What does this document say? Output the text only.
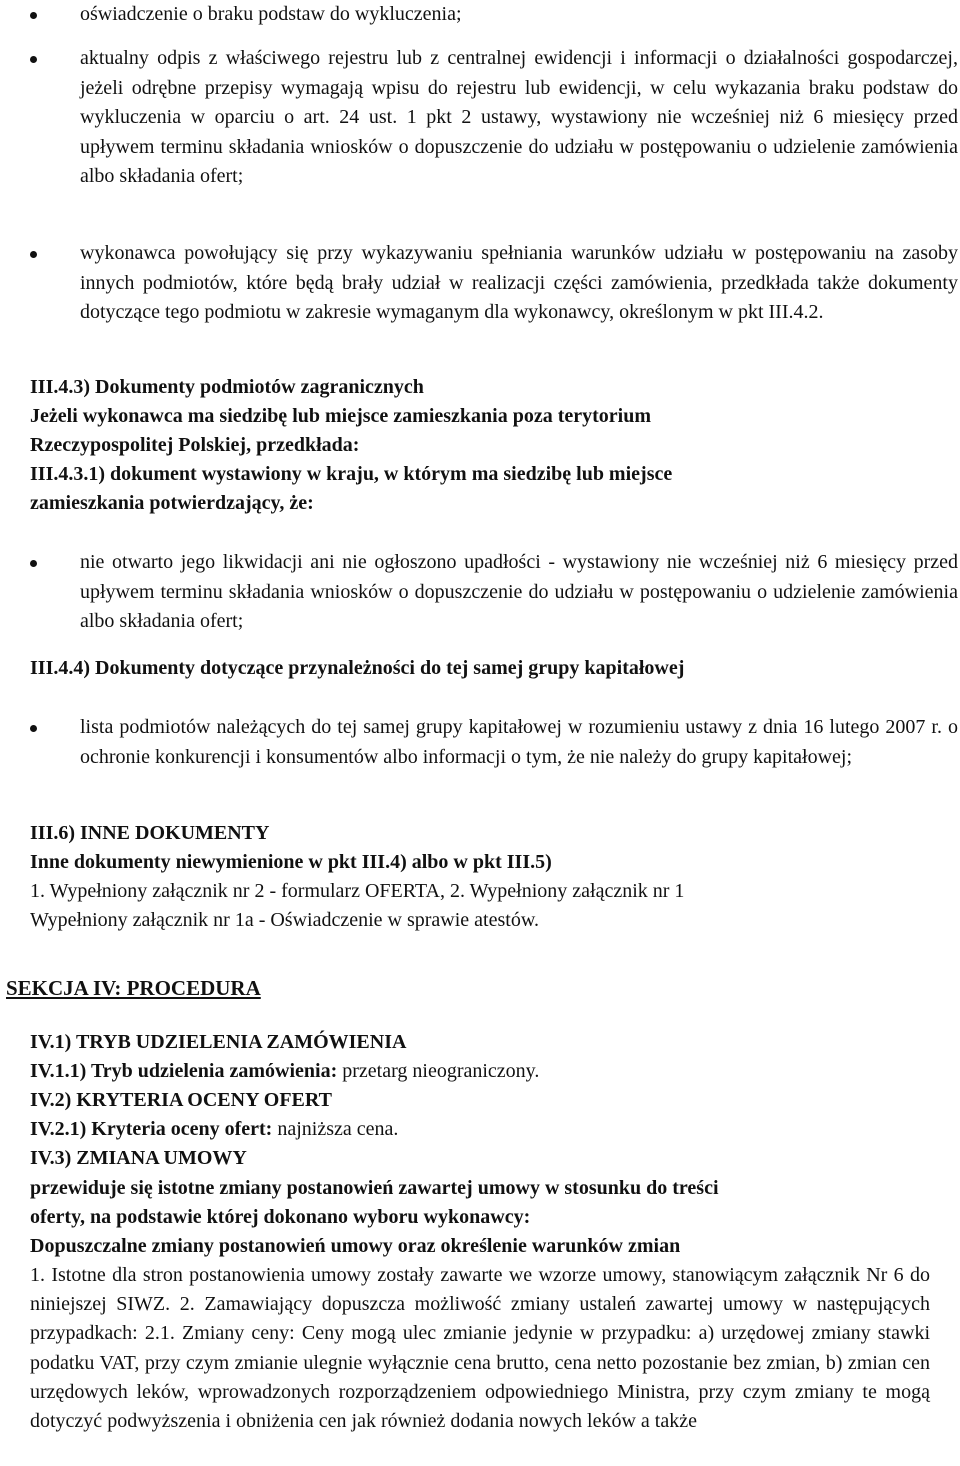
oświadczenie o braku podstaw do wykluczenia;
aktualny odpis z właściwego rejestru lub z centralnej ewidencji i informacji o działalności gospodarczej, jeżeli odrębne przepisy wymagają wpisu do rejestru lub ewidencji, w celu wykazania braku podstaw do wykluczenia w oparciu o art. 24 ust. 1 pkt 2 ustawy, wystawiony nie wcześniej niż 6 miesięcy przed upływem terminu składania wniosków o dopuszczenie do udziału w postępowaniu o udzielenie zamówienia albo składania ofert;
wykonawca powołujący się przy wykazywaniu spełniania warunków udziału w postępowaniu na zasoby innych podmiotów, które będą brały udział w realizacji części zamówienia, przedkłada także dokumenty dotyczące tego podmiotu w zakresie wymaganym dla wykonawcy, określonym w pkt III.4.2.
III.4.3) Dokumenty podmiotów zagranicznych
Jeżeli wykonawca ma siedzibę lub miejsce zamieszkania poza terytorium
Rzeczypospolitej Polskiej, przedkłada:
III.4.3.1) dokument wystawiony w kraju, w którym ma siedzibę lub miejsce
zamieszkania potwierdzający, że:
nie otwarto jego likwidacji ani nie ogłoszono upadłości - wystawiony nie wcześniej niż 6 miesięcy przed upływem terminu składania wniosków o dopuszczenie do udziału w postępowaniu o udzielenie zamówienia albo składania ofert;
III.4.4) Dokumenty dotyczące przynależności do tej samej grupy kapitałowej
lista podmiotów należących do tej samej grupy kapitałowej w rozumieniu ustawy z dnia 16 lutego 2007 r. o ochronie konkurencji i konsumentów albo informacji o tym, że nie należy do grupy kapitałowej;
III.6) INNE DOKUMENTY
Inne dokumenty niewymienione w pkt III.4) albo w pkt III.5)
1. Wypełniony załącznik nr 2 - formularz OFERTA, 2. Wypełniony załącznik nr 1
Wypełniony załącznik nr 1a - Oświadczenie w sprawie atestów.
SEKCJA IV: PROCEDURA
IV.1) TRYB UDZIELENIA ZAMÓWIENIA
IV.1.1) Tryb udzielenia zamówienia: przetarg nieograniczony.
IV.2) KRYTERIA OCENY OFERT
IV.2.1) Kryteria oceny ofert: najniższa cena.
IV.3) ZMIANA UMOWY
przewiduje się istotne zmiany postanowień zawartej umowy w stosunku do treści
oferty, na podstawie której dokonano wyboru wykonawcy:
Dopuszczalne zmiany postanowień umowy oraz określenie warunków zmian
1. Istotne dla stron postanowienia umowy zostały zawarte we wzorze umowy, stanowiącym załącznik Nr 6 do niniejszej SIWZ. 2. Zamawiający dopuszcza możliwość zmiany ustaleń zawartej umowy w następujących przypadkach: 2.1. Zmiany ceny: Ceny mogą ulec zmianie jedynie w przypadku: a) urzędowej zmiany stawki podatku VAT, przy czym zmianie ulegnie wyłącznie cena brutto, cena netto pozostanie bez zmian, b) zmian cen urzędowych leków, wprowadzonych rozporządzeniem odpowiedniego Ministra, przy czym zmiany te mogą dotyczyć podwyższenia i obniżenia cen jak również dodania nowych leków a także
